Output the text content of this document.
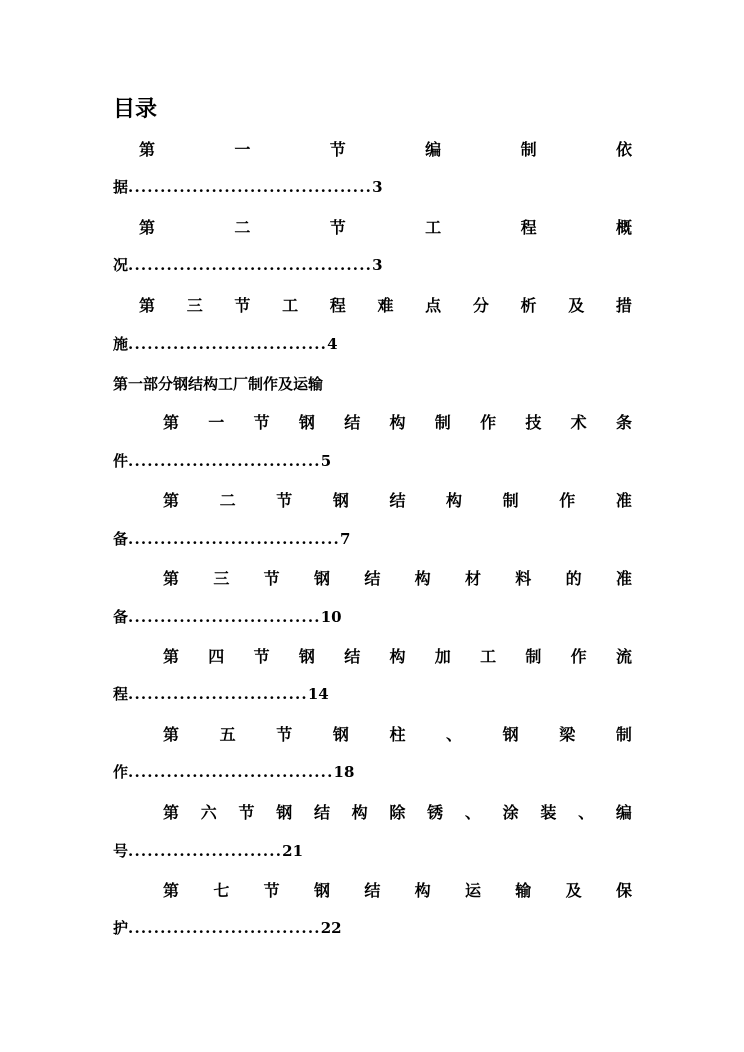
目录
第一部分钢结构工厂制作及运输
第	一	节	编	制	依
据......................................3
第	二	节	工	程	概
况......................................3
第 三 节 工 程 难 点 分 析 及 措
施...............................4
第 一 节 钢 结 构 制 作 技 术 条
件..............................5
第	二	节	钢	结	构	制	作	准
备.................................7
第 三 节 钢 结 构 材 料 的 准
备..............................10
第 四 节 钢 结 构 加 工 制 作 流
程............................14
第	五	节	钢	柱	、	钢	梁	制
作................................18
第 六 节 钢 结 构 除 锈 、 涂 装 、 编
号........................21
第 七 节 钢 结 构 运 输 及 保
护..............................22
